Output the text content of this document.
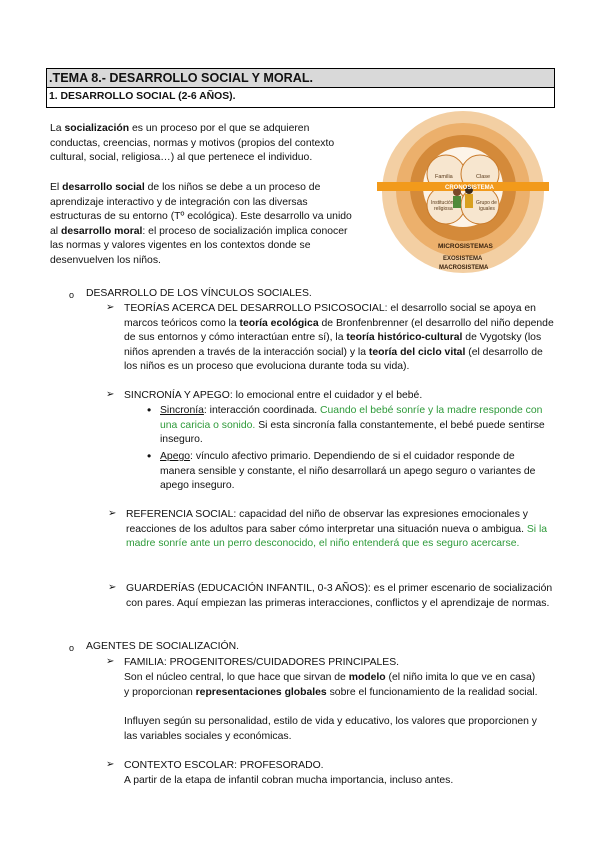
.TEMA 8.- DESARROLLO SOCIAL Y MORAL.
1. DESARROLLO SOCIAL (2-6 AÑOS).
La socialización es un proceso por el que se adquieren conductas, creencias, normas y motivos (propios del contexto cultural, social, religiosa…) al que pertenece el individuo.
El desarrollo social de los niños se debe a un proceso de aprendizaje interactivo y de integración con las diversas estructuras de su entorno (Tº ecológica). Este desarrollo va unido al desarrollo moral: el proceso de socialización implica conocer las normas y valores vigentes en los contextos donde se desenvuelven los niños.
Familia	Clase
CRONOSISTEMA
Institución
religiosa
Grupo de
iguales
MICROSISTEMAS
EXOSISTEMA
MACROSISTEMA
o DESARROLLO DE LOS VÍNCULOS SOCIALES.
➢ TEORÍAS ACERCA DEL DESARROLLO PSICOSOCIAL: el desarrollo social se apoya en marcos teóricos como la teoría ecológica de Bronfenbrenner (el desarrollo del niño depende de sus entornos y cómo interactúan entre sí), la teoría histórico-cultural de Vygotsky (los niños aprenden a través de la interacción social) y la teoría del ciclo vital (el desarrollo de los niños es un proceso que evoluciona durante toda su vida).
➢ SINCRONÍA Y APEGO: lo emocional entre el cuidador y el bebé.
• Sincronía: interacción coordinada. Cuando el bebé sonríe y la madre responde con una caricia o sonido. Si esta sincronía falla constantemente, el bebé puede sentirse inseguro.
• Apego: vínculo afectivo primario. Dependiendo de si el cuidador responde de manera sensible y constante, el niño desarrollará un apego seguro o variantes de apego inseguro.
➢ REFERENCIA SOCIAL: capacidad del niño de observar las expresiones emocionales y reacciones de los adultos para saber cómo interpretar una situación nueva o ambigua. Si la madre sonríe ante un perro desconocido, el niño entenderá que es seguro acercarse.
➢ GUARDERÍAS (EDUCACIÓN INFANTIL, 0-3 AÑOS): es el primer escenario de socialización con pares. Aquí empiezan las primeras interacciones, conflictos y el aprendizaje de normas.
o AGENTES DE SOCIALIZACIÓN.
➢ FAMILIA: PROGENITORES/CUIDADORES PRINCIPALES.
Son el núcleo central, lo que hace que sirvan de modelo (el niño imita lo que ve en casa) y proporcionan representaciones globales sobre el funcionamiento de la realidad social.
Influyen según su personalidad, estilo de vida y educativo, los valores que proporcionen y las variables sociales y económicas.
➢ CONTEXTO ESCOLAR: PROFESORADO.
A partir de la etapa de infantil cobran mucha importancia, incluso antes.
